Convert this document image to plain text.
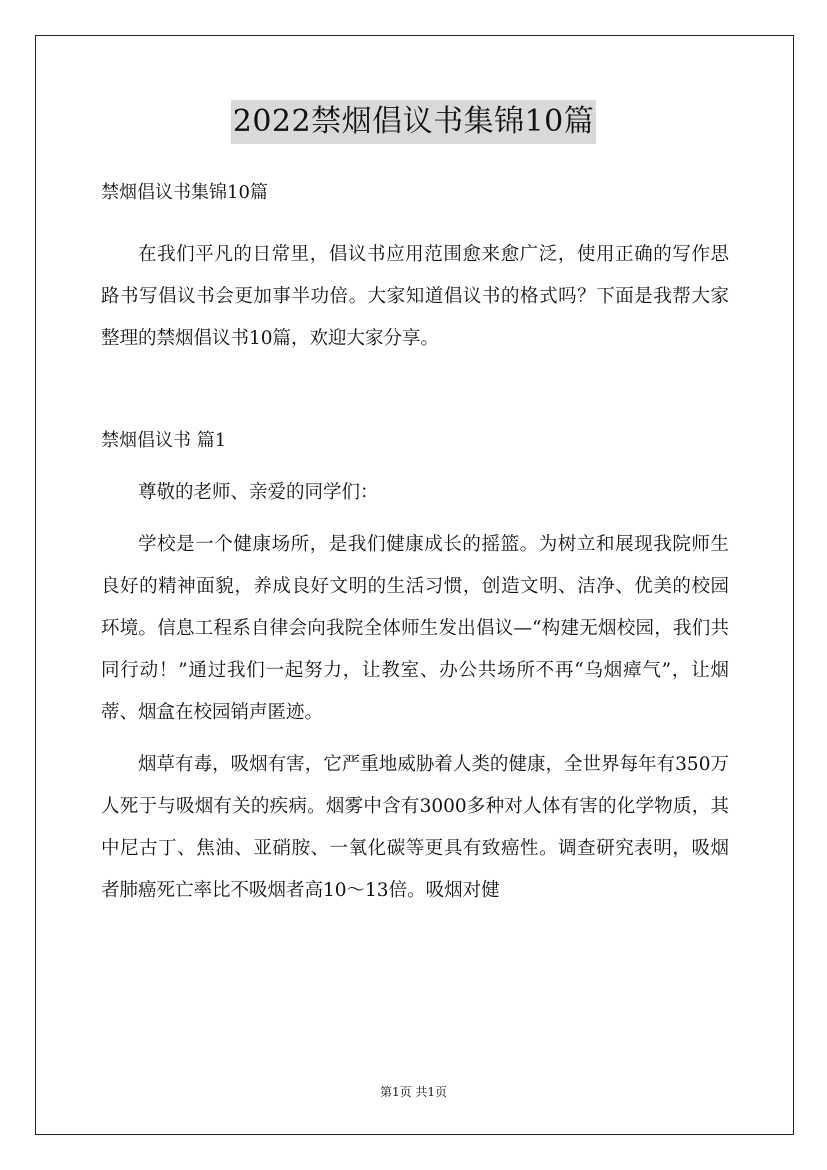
2022禁烟倡议书集锦10篇

禁烟倡议书集锦10篇

在我们平凡的日常里，倡议书应用范围愈来愈广泛，使用正确的写作思路书写倡议书会更加事半功倍。大家知道倡议书的格式吗？下面是我帮大家整理的禁烟倡议书10篇，欢迎大家分享。

禁烟倡议书 篇1

尊敬的老师、亲爱的同学们：

学校是一个健康场所，是我们健康成长的摇篮。为树立和展现我院师生良好的精神面貌，养成良好文明的生活习惯，创造文明、洁净、优美的校园环境。信息工程系自律会向我院全体师生发出倡议—“构建无烟校园，我们共同行动！”通过我们一起努力，让教室、办公共场所不再“乌烟瘴气”，让烟蒂、烟盒在校园销声匿迹。

烟草有毒，吸烟有害，它严重地威胁着人类的健康，全世界每年有350万人死于与吸烟有关的疾病。烟雾中含有3000多种对人体有害的化学物质，其中尼古丁、焦油、亚硝胺、一氧化碳等更具有致癌性。调查研究表明，吸烟者肺癌死亡率比不吸烟者高10～13倍。吸烟对健

第1页 共1页
